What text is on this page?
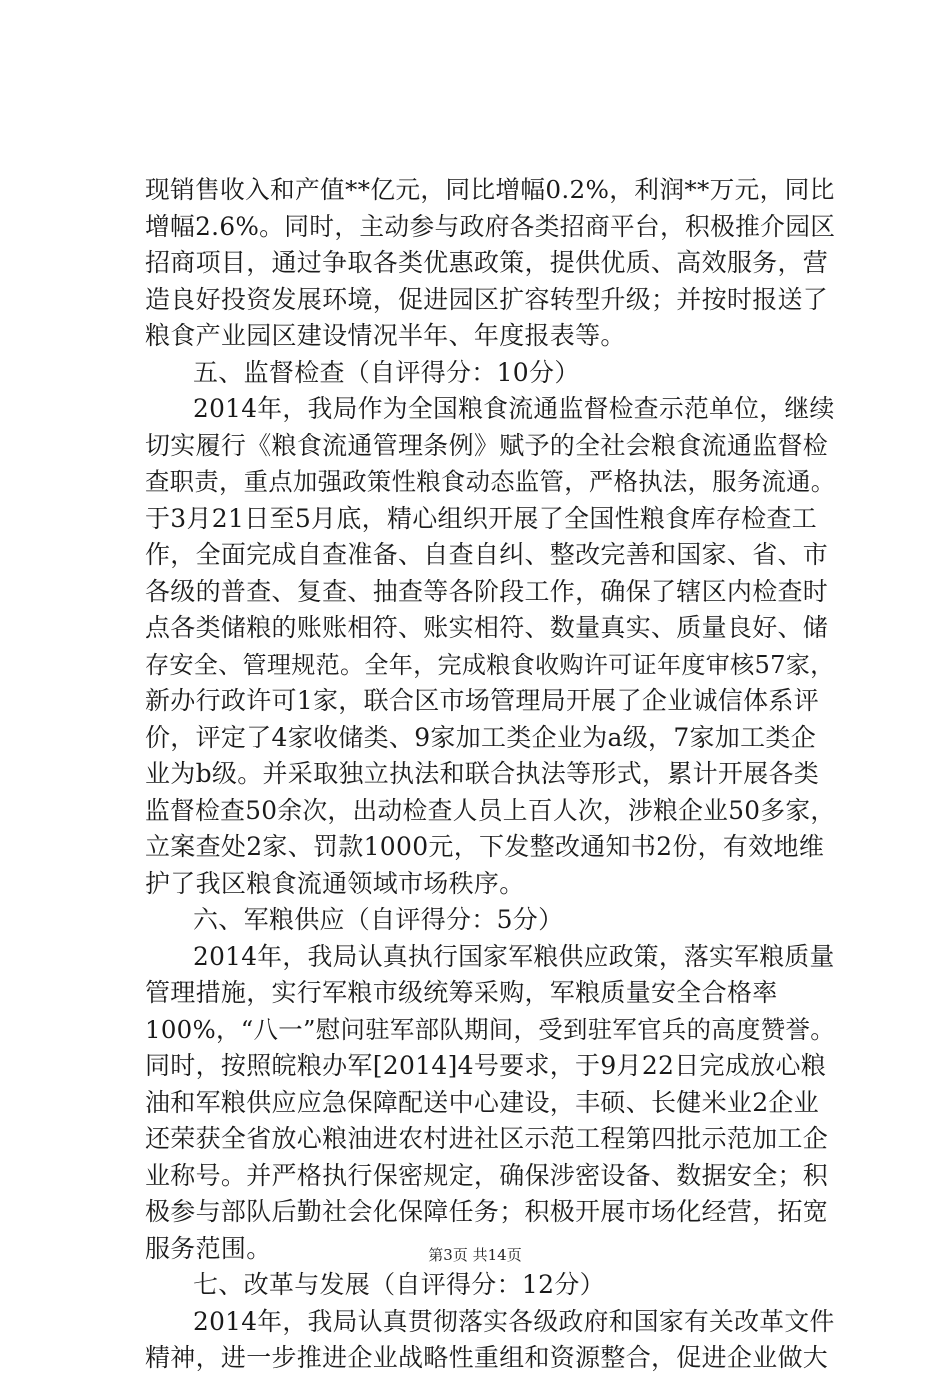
现销售收入和产值**亿元，同比增幅0.2%，利润**万元，同比
增幅2.6%。同时，主动参与政府各类招商平台，积极推介园区
招商项目，通过争取各类优惠政策，提供优质、高效服务，营
造良好投资发展环境，促进园区扩容转型升级；并按时报送了
粮食产业园区建设情况半年、年度报表等。
五、监督检查（自评得分：10分）
2014年，我局作为全国粮食流通监督检查示范单位，继续
切实履行《粮食流通管理条例》赋予的全社会粮食流通监督检
查职责，重点加强政策性粮食动态监管，严格执法，服务流通。
于3月21日至5月底，精心组织开展了全国性粮食库存检查工
作，全面完成自查准备、自查自纠、整改完善和国家、省、市
各级的普查、复查、抽查等各阶段工作，确保了辖区内检查时
点各类储粮的账账相符、账实相符、数量真实、质量良好、储
存安全、管理规范。全年，完成粮食收购许可证年度审核57家，
新办行政许可1家，联合区市场管理局开展了企业诚信体系评
价，评定了4家收储类、9家加工类企业为a级，7家加工类企
业为b级。并采取独立执法和联合执法等形式，累计开展各类
监督检查50余次，出动检查人员上百人次，涉粮企业50多家，
立案查处2家、罚款1000元，下发整改通知书2份，有效地维
护了我区粮食流通领域市场秩序。
六、军粮供应（自评得分：5分）
2014年，我局认真执行国家军粮供应政策，落实军粮质量
管理措施，实行军粮市级统筹采购，军粮质量安全合格率
100%，“八一”慰问驻军部队期间，受到驻军官兵的高度赞誉。
同时，按照皖粮办军[2014]4号要求，于9月22日完成放心粮
油和军粮供应应急保障配送中心建设，丰硕、长健米业2企业
还荣获全省放心粮油进农村进社区示范工程第四批示范加工企
业称号。并严格执行保密规定，确保涉密设备、数据安全；积
极参与部队后勤社会化保障任务；积极开展市场化经营，拓宽
服务范围。
七、改革与发展（自评得分：12分）
2014年，我局认真贯彻落实各级政府和国家有关改革文件
精神，进一步推进企业战略性重组和资源整合，促进企业做大
第3页 共14页
